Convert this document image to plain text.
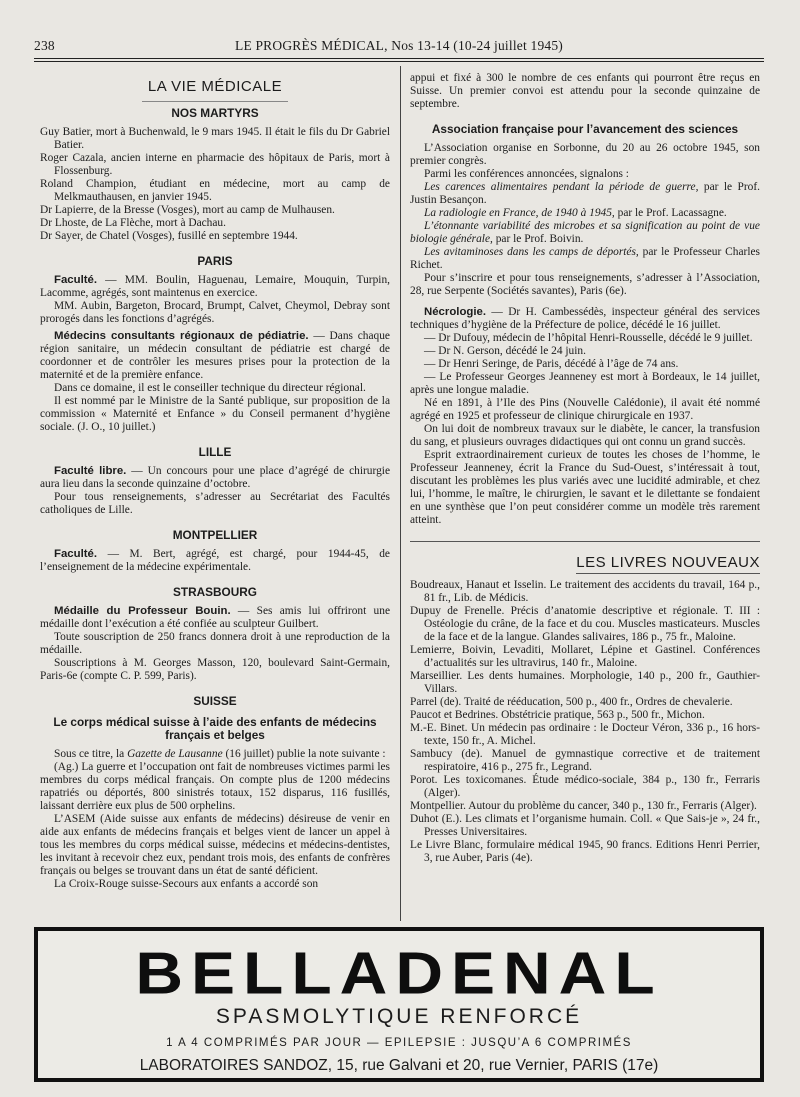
238	LE PROGRÈS MÉDICAL, Nos 13-14 (10-24 juillet 1945)
LA VIE MÉDICALE
NOS MARTYRS

Guy Batier, mort à Buchenwald, le 9 mars 1945. Il était le fils du Dr Gabriel Batier.

Roger Cazala, ancien interne en pharmacie des hôpitaux de Paris, mort à Flossenburg.

Roland Champion, étudiant en médecine, mort au camp de Melkmauthausen, en janvier 1945.

Dr Lapierre, de la Bresse (Vosges), mort au camp de Mulhausen.

Dr Lhoste, de La Flèche, mort à Dachau.

Dr Sayer, de Chatel (Vosges), fusillé en septembre 1944.

PARIS

Faculté. — MM. Boulin, Haguenau, Lemaire, Mouquin, Turpin, Lacomme, agrégés, sont maintenus en exercice.

MM. Aubin, Bargeton, Brocard, Brumpt, Calvet, Cheymol, Debray sont prorogés dans les fonctions d’agrégés.

Médecins consultants régionaux de pédiatrie. — Dans chaque région sanitaire, un médecin consultant de pédiatrie est chargé de coordonner et de contrôler les mesures prises pour la protection de la maternité et de la première enfance.

Dans ce domaine, il est le conseiller technique du directeur régional.

Il est nommé par le Ministre de la Santé publique, sur proposition de la commission « Maternité et Enfance » du Conseil permanent d’hygiène sociale. (J. O., 10 juillet.)

LILLE

Faculté libre. — Un concours pour une place d’agrégé de chirurgie aura lieu dans la seconde quinzaine d’octobre.

Pour tous renseignements, s’adresser au Secrétariat des Facultés catholiques de Lille.

MONTPELLIER

Faculté. — M. Bert, agrégé, est chargé, pour 1944-45, de l’enseignement de la médecine expérimentale.

STRASBOURG

Médaille du Professeur Bouin. — Ses amis lui offriront une médaille dont l’exécution a été confiée au sculpteur Guilbert.

Toute souscription de 250 francs donnera droit à une reproduction de la médaille.

Souscriptions à M. Georges Masson, 120, boulevard Saint-Germain, Paris-6e (compte C. P. 599, Paris).

SUISSE
Le corps médical suisse à l’aide des enfants de médecins français et belges

Sous ce titre, la Gazette de Lausanne (16 juillet) publie la note suivante :

(Ag.) La guerre et l’occupation ont fait de nombreuses victimes parmi les membres du corps médical français. On compte plus de 1200 médecins rapatriés ou déportés, 800 sinistrés totaux, 152 disparus, 116 fusillés, laissant derrière eux plus de 500 orphelins.

L’ASEM (Aide suisse aux enfants de médecins) désireuse de venir en aide aux enfants de médecins français et belges vient de lancer un appel à tous les membres du corps médical suisse, médecins et médecins-dentistes, les invitant à recevoir chez eux, pendant trois mois, des enfants de confrères français ou belges se trouvant dans un état de santé déficient.

La Croix-Rouge suisse-Secours aux enfants a accordé son

appui et fixé à 300 le nombre de ces enfants qui pourront être reçus en Suisse. Un premier convoi est attendu pour la seconde quinzaine de septembre.

Association française pour l’avancement des sciences

L’Association organise en Sorbonne, du 20 au 26 octobre 1945, son premier congrès.

Parmi les conférences annoncées, signalons :

Les carences alimentaires pendant la période de guerre, par le Prof. Justin Besançon.

La radiologie en France, de 1940 à 1945, par le Prof. Lacassagne.

L’étonnante variabilité des microbes et sa signification au point de vue biologie générale, par le Prof. Boivin.

Les avitaminoses dans les camps de déportés, par le Professeur Charles Richet.

Pour s’inscrire et pour tous renseignements, s’adresser à l’Association, 28, rue Serpente (Sociétés savantes), Paris (6e).

Nécrologie. — Dr H. Cambessédès, inspecteur général des services techniques d’hygiène de la Préfecture de police, décédé le 16 juillet.

— Dr Dufouy, médecin de l’hôpital Henri-Rousselle, décédé le 9 juillet.

— Dr N. Gerson, décédé le 24 juin.

— Dr Henri Seringe, de Paris, décédé à l’âge de 74 ans.

— Le Professeur Georges Jeanneney est mort à Bordeaux, le 14 juillet, après une longue maladie.

Né en 1891, à l’Ile des Pins (Nouvelle Calédonie), il avait été nommé agrégé en 1925 et professeur de clinique chirurgicale en 1937.

On lui doit de nombreux travaux sur le diabète, le cancer, la transfusion du sang, et plusieurs ouvrages didactiques qui ont connu un grand succès.

Esprit extraordinairement curieux de toutes les choses de l’homme, le Professeur Jeanneney, écrit la France du Sud-Ouest, s’intéressait à tout, discutant les problèmes les plus variés avec une lucidité admirable, et chez lui, l’homme, le maître, le chirurgien, le savant et le dilettante se fondaient en une synthèse que l’on peut considérer comme un modèle très rarement atteint.

LES LIVRES NOUVEAUX

Boudreaux, Hanaut et Isselin. Le traitement des accidents du travail, 164 p., 81 fr., Lib. de Médicis.

Dupuy de Frenelle. Précis d’anatomie descriptive et régionale. T. III : Ostéologie du crâne, de la face et du cou. Muscles masticateurs. Muscles de la face et de la langue. Glandes salivaires, 186 p., 75 fr., Maloine.

Lemierre, Boivin, Levaditi, Mollaret, Lépine et Gastinel. Conférences d’actualités sur les ultravirus, 140 fr., Maloine.

Marseillier. Les dents humaines. Morphologie, 140 p., 200 fr., Gauthier-Villars.

Parrel (de). Traité de rééducation, 500 p., 400 fr., Ordres de chevalerie.

Paucot et Bedrines. Obstétricie pratique, 563 p., 500 fr., Michon.

M.-E. Binet. Un médecin pas ordinaire : le Docteur Véron, 336 p., 16 hors-texte, 150 fr., A. Michel.

Sambucy (de). Manuel de gymnastique corrective et de traitement respiratoire, 416 p., 275 fr., Legrand.

Porot. Les toxicomanes. Étude médico-sociale, 384 p., 130 fr., Ferraris (Alger).

Montpellier. Autour du problème du cancer, 340 p., 130 fr., Ferraris (Alger).

Duhot (E.). Les climats et l’organisme humain. Coll. « Que Sais-je », 24 fr., Presses Universitaires.

Le Livre Blanc, formulaire médical 1945, 90 francs. Editions Henri Perrier, 3, rue Auber, Paris (4e).

BELLADENAL
SPASMOLYTIQUE RENFORCÉ
1 A 4 COMPRIMÉS PAR JOUR — EPILEPSIE : JUSQU’A 6 COMPRIMÉS
LABORATOIRES SANDOZ, 15, rue Galvani et 20, rue Vernier, PARIS (17e)
